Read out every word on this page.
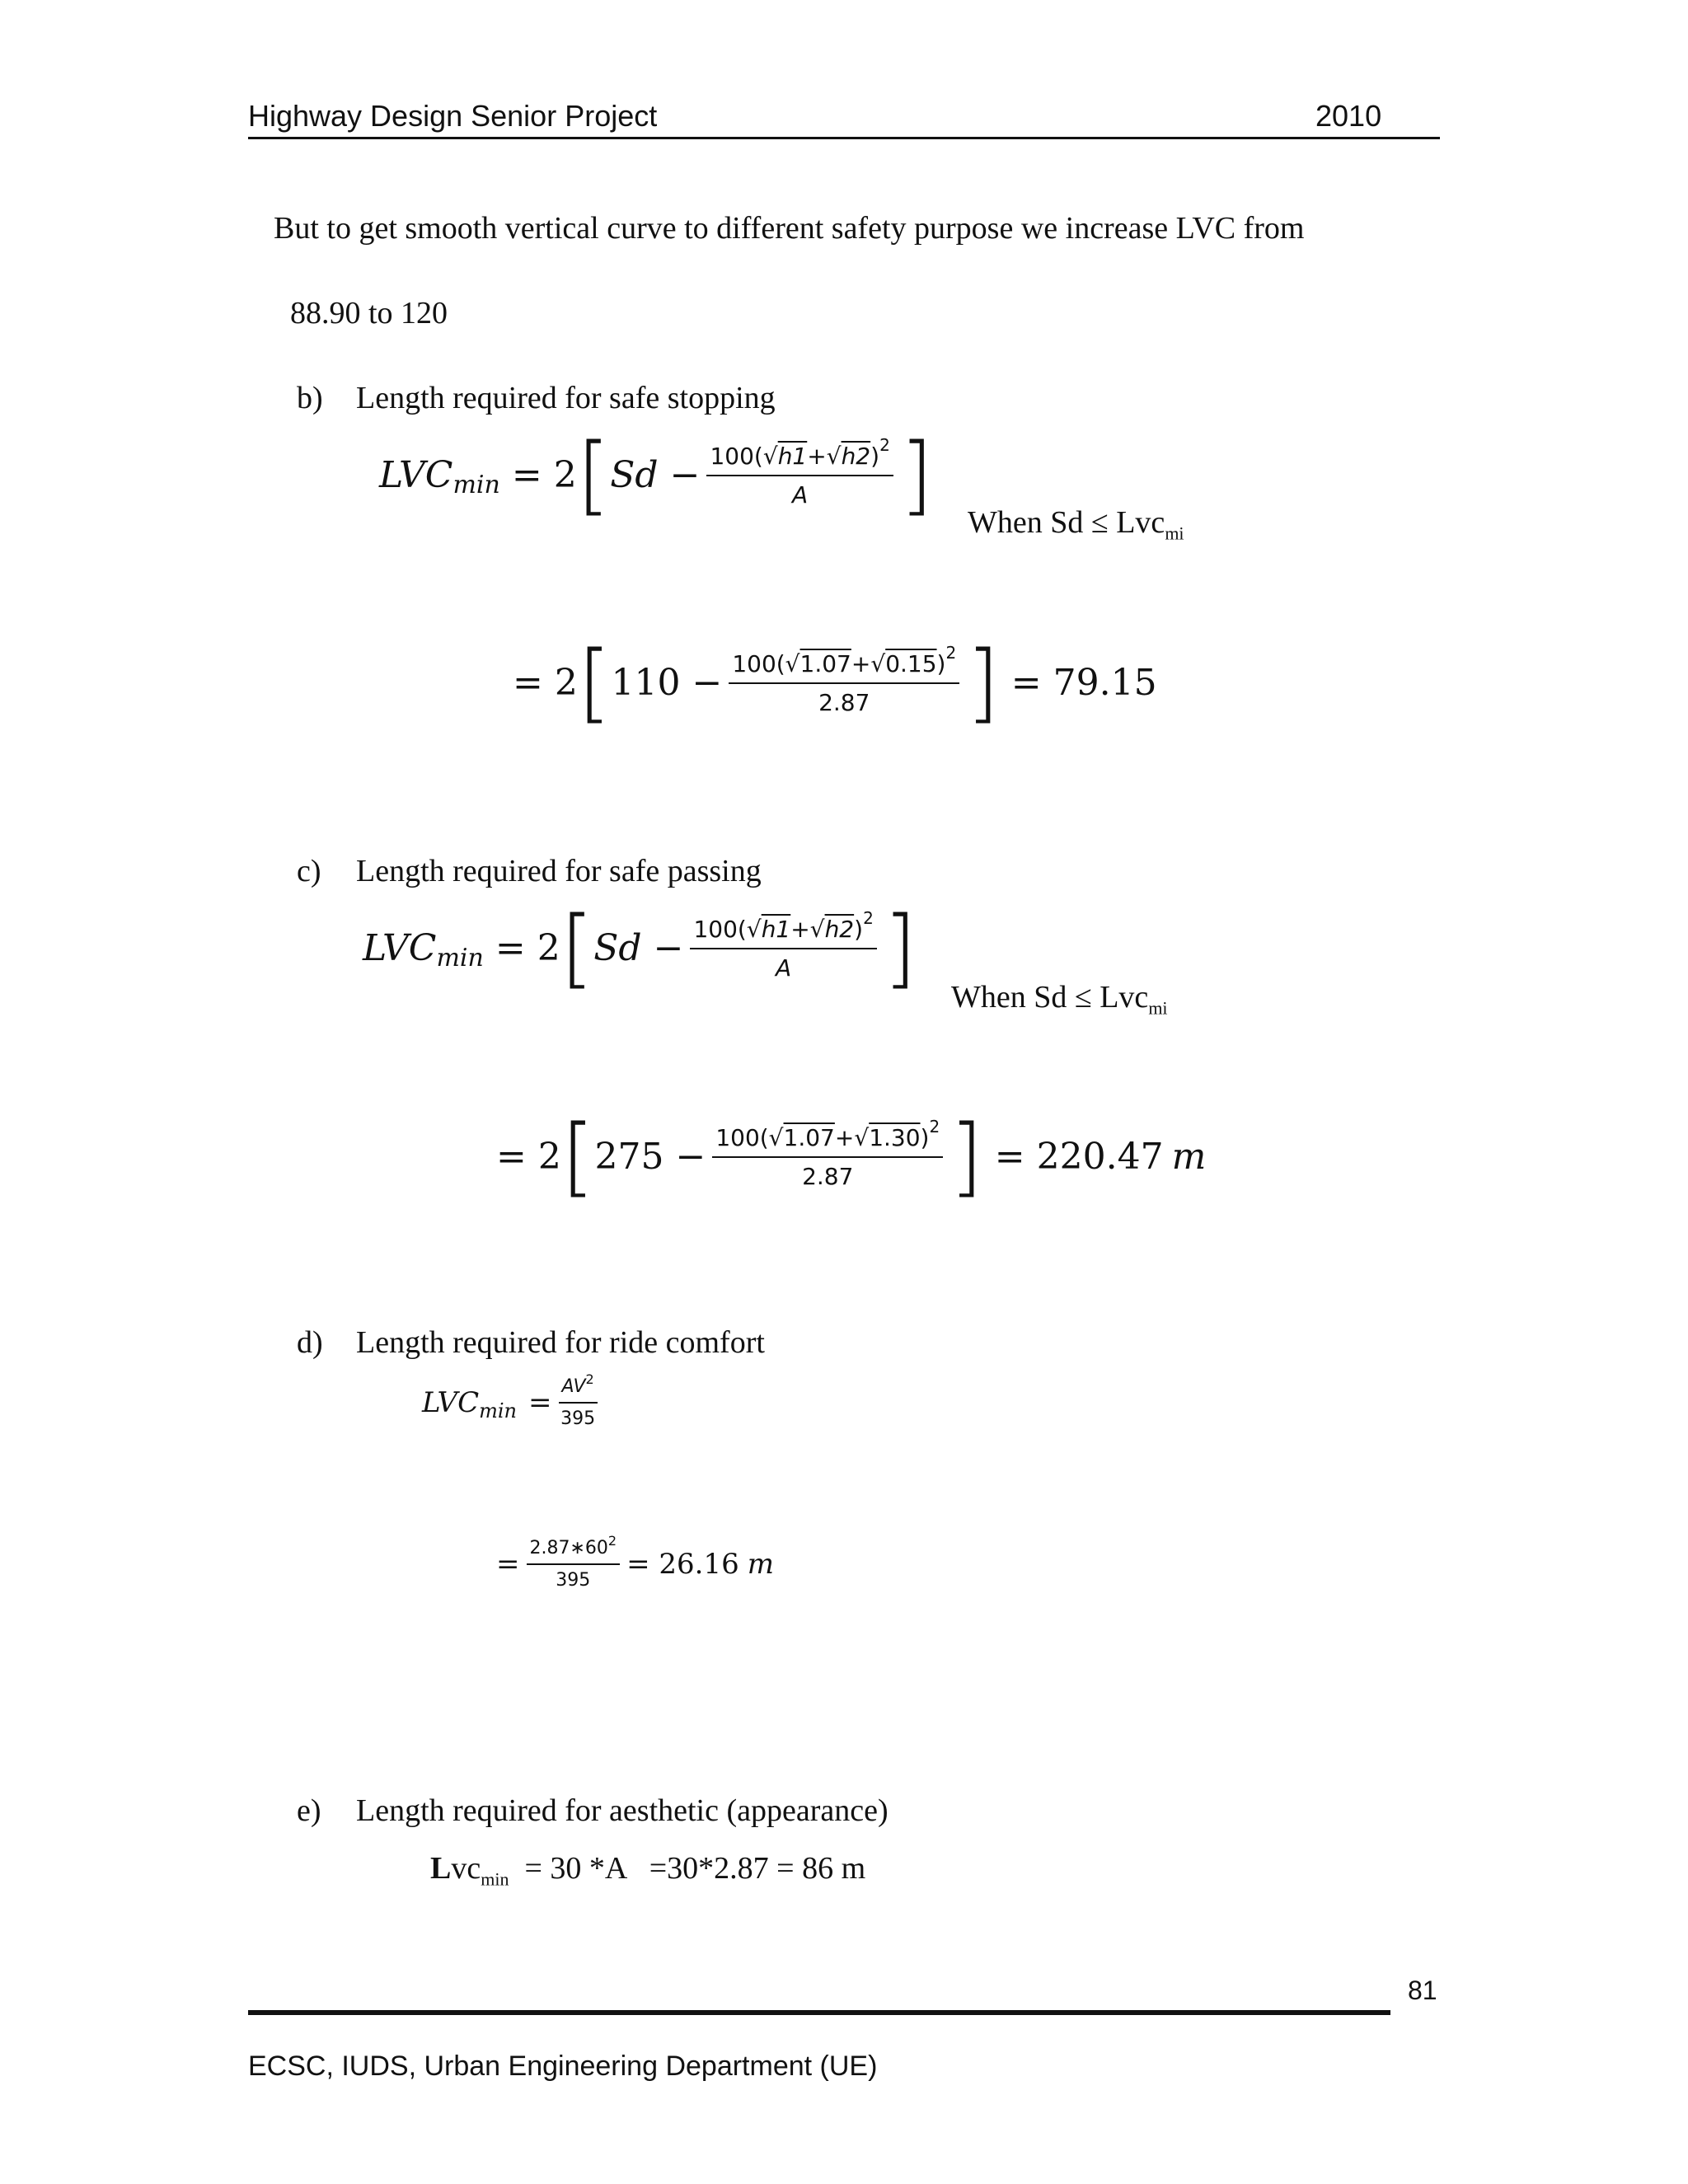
Highway Design Senior Project	2010
But to get smooth vertical curve to different safety purpose we increase LVC from
88.90 to 120
b) Length required for safe stopping
LVC min = 2 [ $Sd - \frac{100(√h1+√h2)^2}{A}$ ] When Sd ≤ Lvc$_{mi}$
= 2 [ $110 - \frac{100(√1.07+√0.15)^2}{2.87}$ ] = 79.15
c) Length required for safe passing
LVC min = 2 [ $Sd - \frac{100(√h1+√h2)^2}{A}$ ] When Sd ≤ Lvc$_{mi}$
= 2 [ $275 - \frac{100(√1.07+√1.30)^2}{2.87}$ ] = 220.47 m
d) Length required for ride comfort
LVC $\min = \frac{AV^2}{395}$
= $\frac{2.87∗60^2}{395} = 26.16$ m
e) Length required for aesthetic (appearance)
Lvc$_{min}$  = 30 *A   =30*2.87 = 86 m
81
ECSC, IUDS, Urban Engineering Department (UE)
